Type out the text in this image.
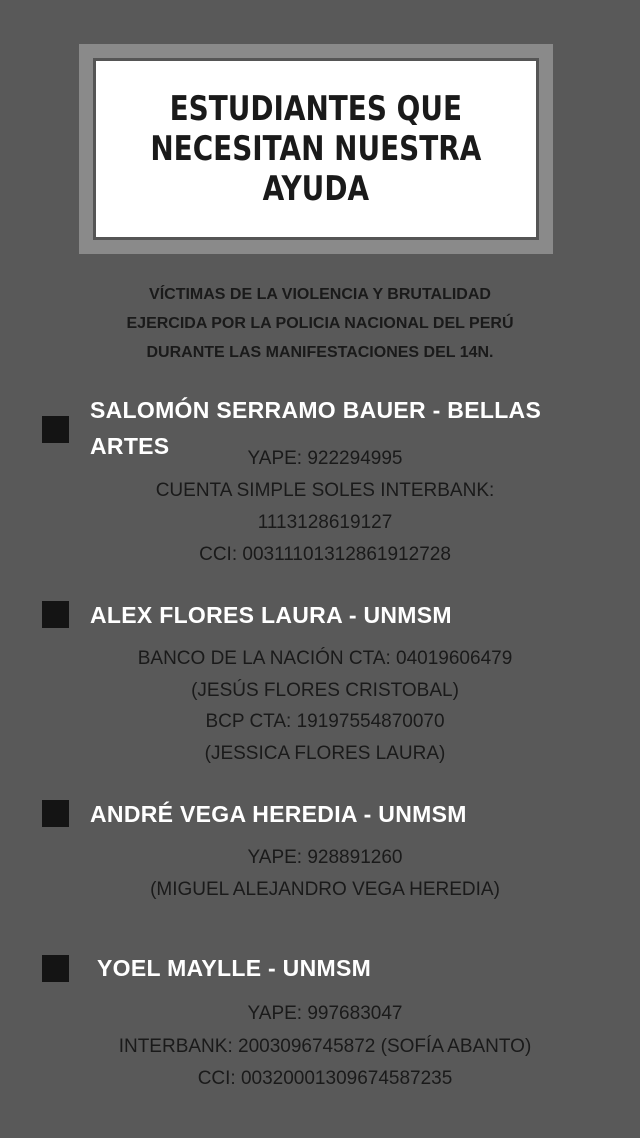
ESTUDIANTES QUE
NECESITAN NUESTRA
AYUDA

VÍCTIMAS DE LA VIOLENCIA Y BRUTALIDAD
EJERCIDA POR LA POLICIA NACIONAL DEL PERÚ
DURANTE LAS MANIFESTACIONES DEL 14N.

SALOMÓN SERRAMO BAUER - BELLAS
ARTES	YAPE: 922294995

CUENTA SIMPLE SOLES INTERBANK:

1113128619127

CCI: 00311101312861912728

ALEX FLORES LAURA - UNMSM

BANCO DE LA NACIÓN CTA: 04019606479

(JESÚS FLORES CRISTOBAL)

BCP CTA: 19197554870070

(JESSICA FLORES LAURA)

ANDRÉ VEGA HEREDIA - UNMSM

YAPE: 928891260

(MIGUEL ALEJANDRO VEGA HEREDIA)

YOEL MAYLLE - UNMSM

YAPE: 997683047

INTERBANK: 2003096745872 (SOFÍA ABANTO)

CCI: 00320001309674587235
